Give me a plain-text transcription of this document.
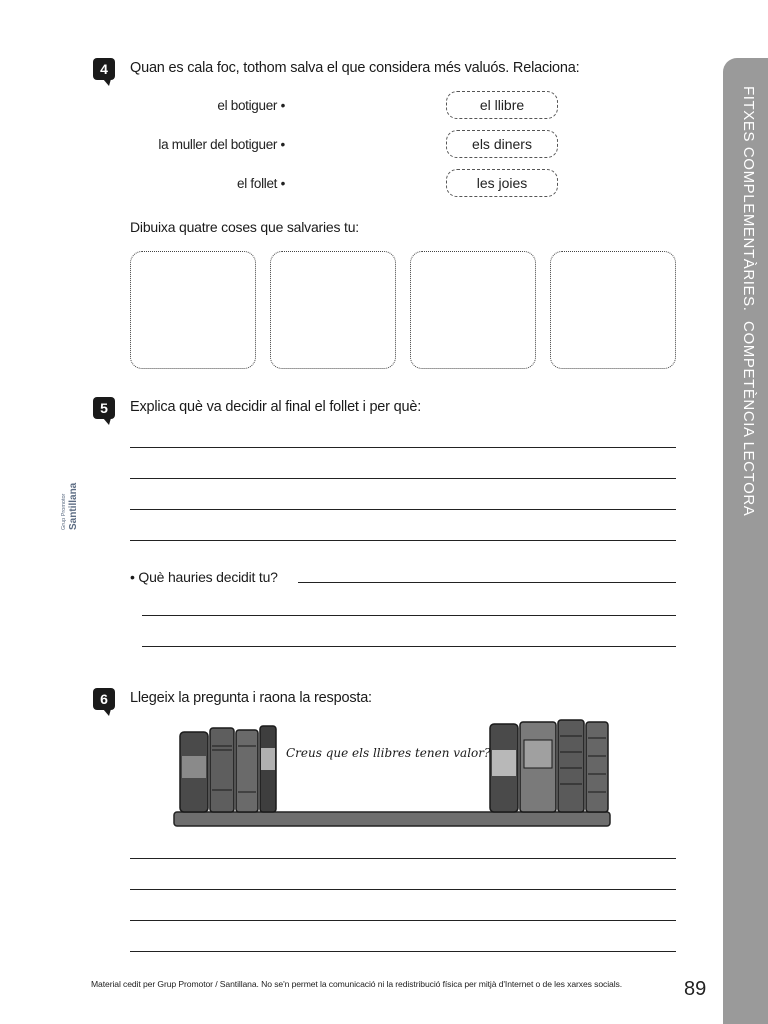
FITXES COMPLEMENTÀRIES.  COMPETÈNCIA LECTORA
Grup Promotor Santillana
4 Quan es cala foc, tothom salva el que considera més valuós. Relaciona:
el botiguer •
la muller del botiguer •
el follet •
el llibre
els diners
les joies
Dibuixa quatre coses que salvaries tu:
5 Explica què va decidir al final el follet i per què:
• Què hauries decidit tu?
6 Llegeix la pregunta i raona la resposta:
Creus que els llibres tenen valor?
Material cedit per Grup Promotor / Santillana. No se'n permet la comunicació ni la redistribució física per mitjà d'Internet o de les xarxes socials.	89
